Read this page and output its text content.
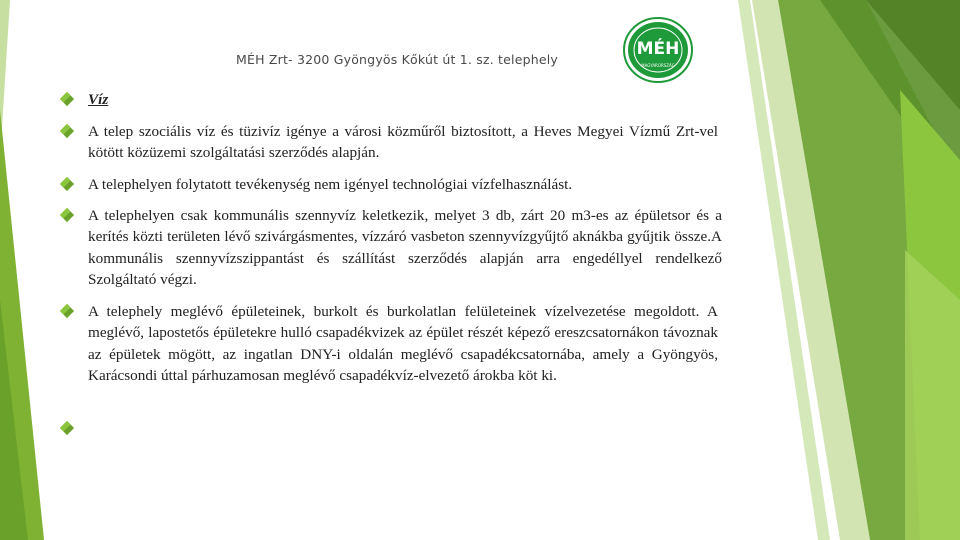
MÉH Zrt- 3200 Gyöngyös Kőkút út 1. sz. telephely
MÉH
MAGYARORSZÁG
Víz
A telep szociális víz és tüzivíz igénye a városi közműről biztosított, a Heves Megyei Vízmű Zrt-vel kötött közüzemi szolgáltatási szerződés alapján.
A telephelyen folytatott tevékenység nem igényel technológiai vízfelhasználást.
A telephelyen csak kommunális szennyvíz keletkezik, melyet 3 db, zárt 20 m3-es az épületsor és a kerítés közti területen lévő szivárgásmentes, vízzáró vasbeton szennyvízgyűjtő aknákba gyűjtik össze.A kommunális szennyvízszippantást és szállítást szerződés alapján arra engedéllyel rendelkező Szolgáltató végzi.
A telephely meglévő épületeinek, burkolt és burkolatlan felületeinek vízelvezetése megoldott. A meglévő, lapostetős épületekre hulló csapadékvizek az épület részét képező ereszcsatornákon távoznak az épületek mögött, az ingatlan DNY-i oldalán meglévő csapadékcsatornába, amely a Gyöngyös, Karácsondi úttal párhuzamosan meglévő csapadékvíz-elvezető árokba köt ki.
